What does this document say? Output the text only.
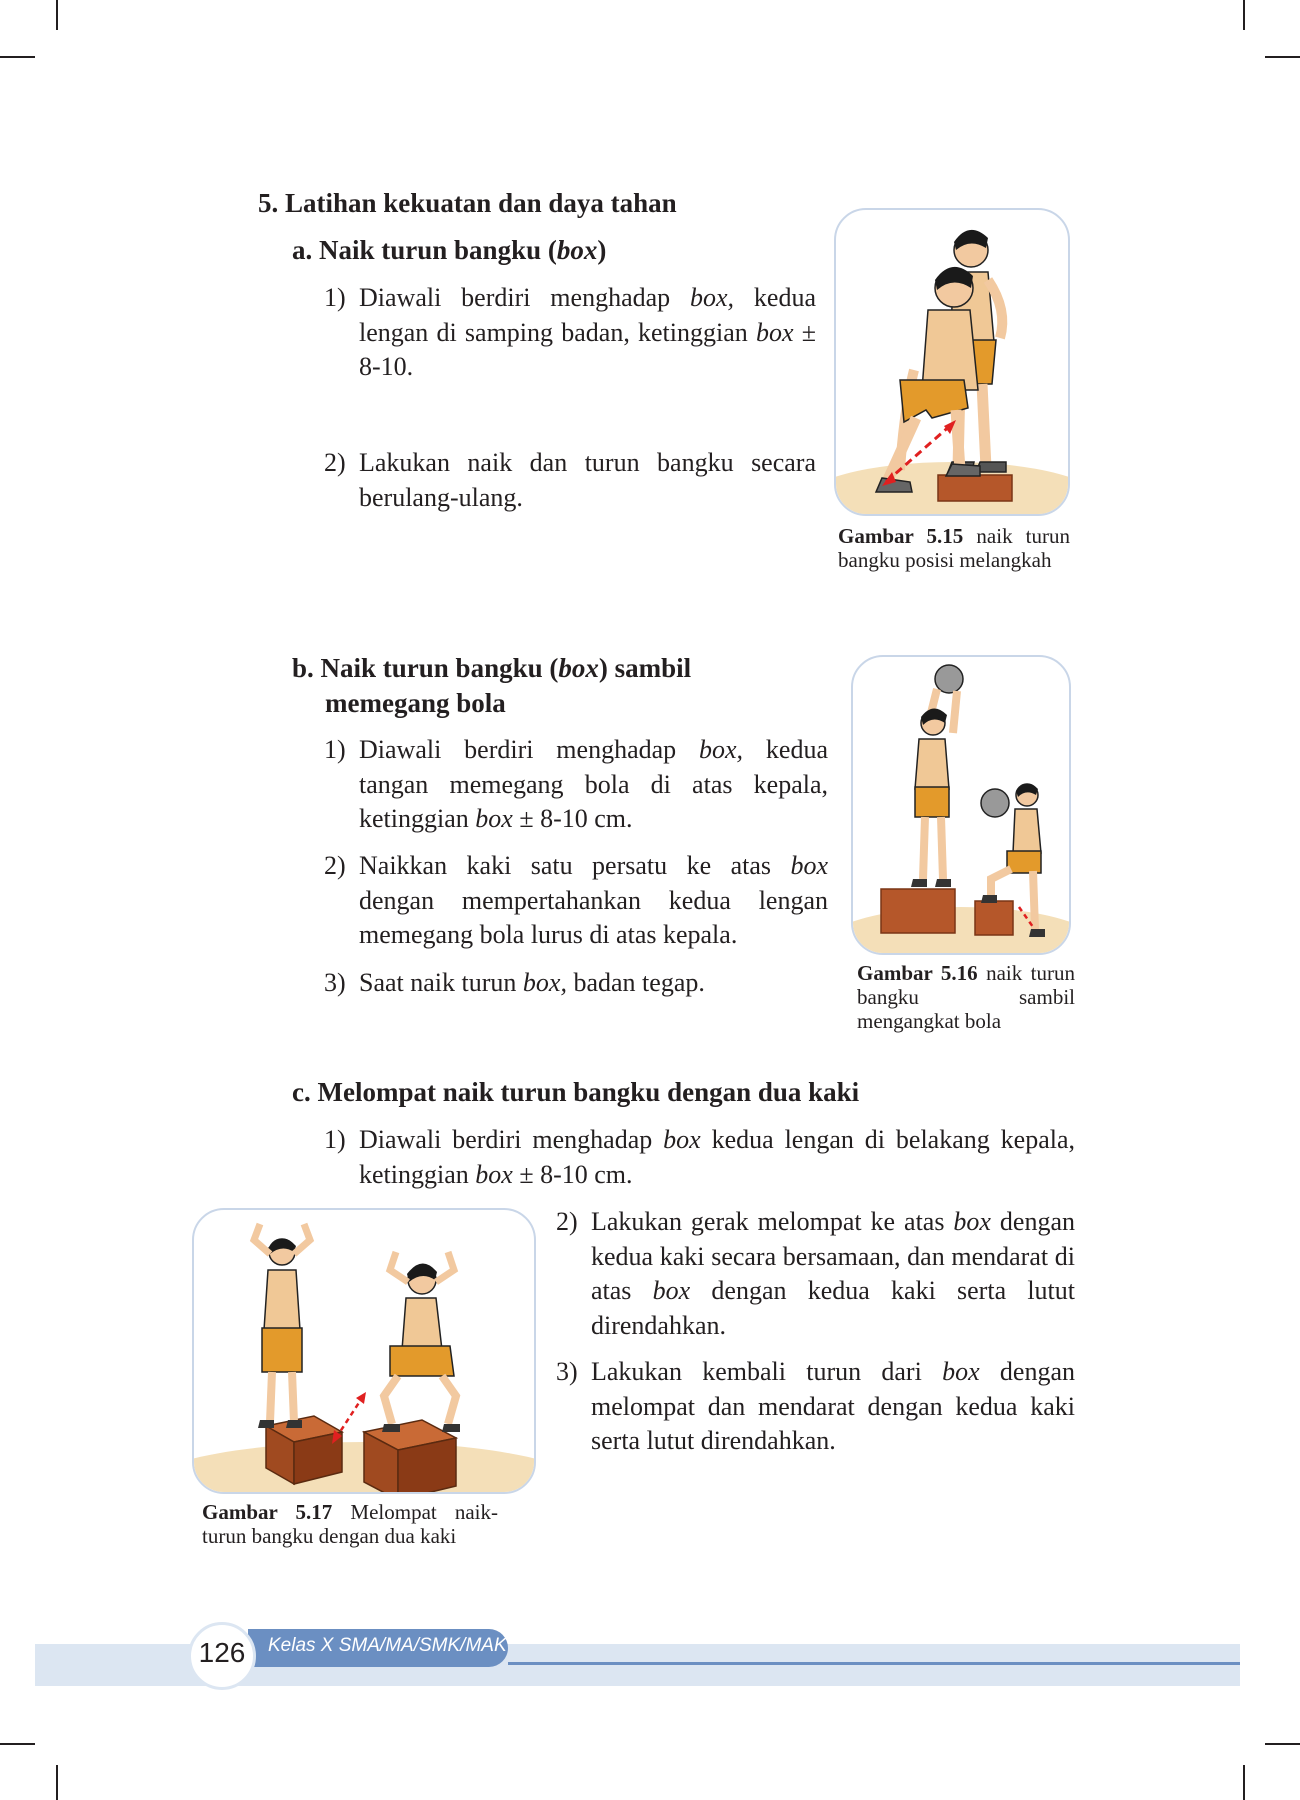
5. Latihan kekuatan dan daya tahan
a. Naik turun bangku (box)
1) Diawali berdiri menghadap box, kedua lengan di samping badan, ketinggian box ± 8-10.
2) Lakukan naik dan turun bangku secara berulang-ulang.
Gambar 5.15 naik turun bangku posisi melangkah
b. Naik turun bangku (box) sambil
memegang bola
1) Diawali berdiri menghadap box, kedua tangan memegang bola di atas kepala, ketinggian box ± 8-10 cm.
2) Naikkan kaki satu persatu ke atas box dengan mempertahankan kedua lengan memegang bola lurus di atas kepala.
3) Saat naik turun box, badan tegap.	Gambar 5.16 naik turun bangku sambil mengangkat bola
c. Melompat naik turun bangku dengan dua kaki
1) Diawali berdiri menghadap box kedua lengan di belakang kepala, ketinggian box ± 8-10 cm.
Gambar 5.17 Melompat naik-turun bangku dengan dua kaki
2) Lakukan gerak melompat ke atas box dengan kedua kaki secara bersamaan, dan mendarat di atas box dengan kedua kaki serta lutut direndahkan.
3) Lakukan kembali turun dari box dengan melompat dan mendarat dengan kedua kaki serta lutut direndahkan.
Kelas X SMA/MA/SMK/MAK
126
